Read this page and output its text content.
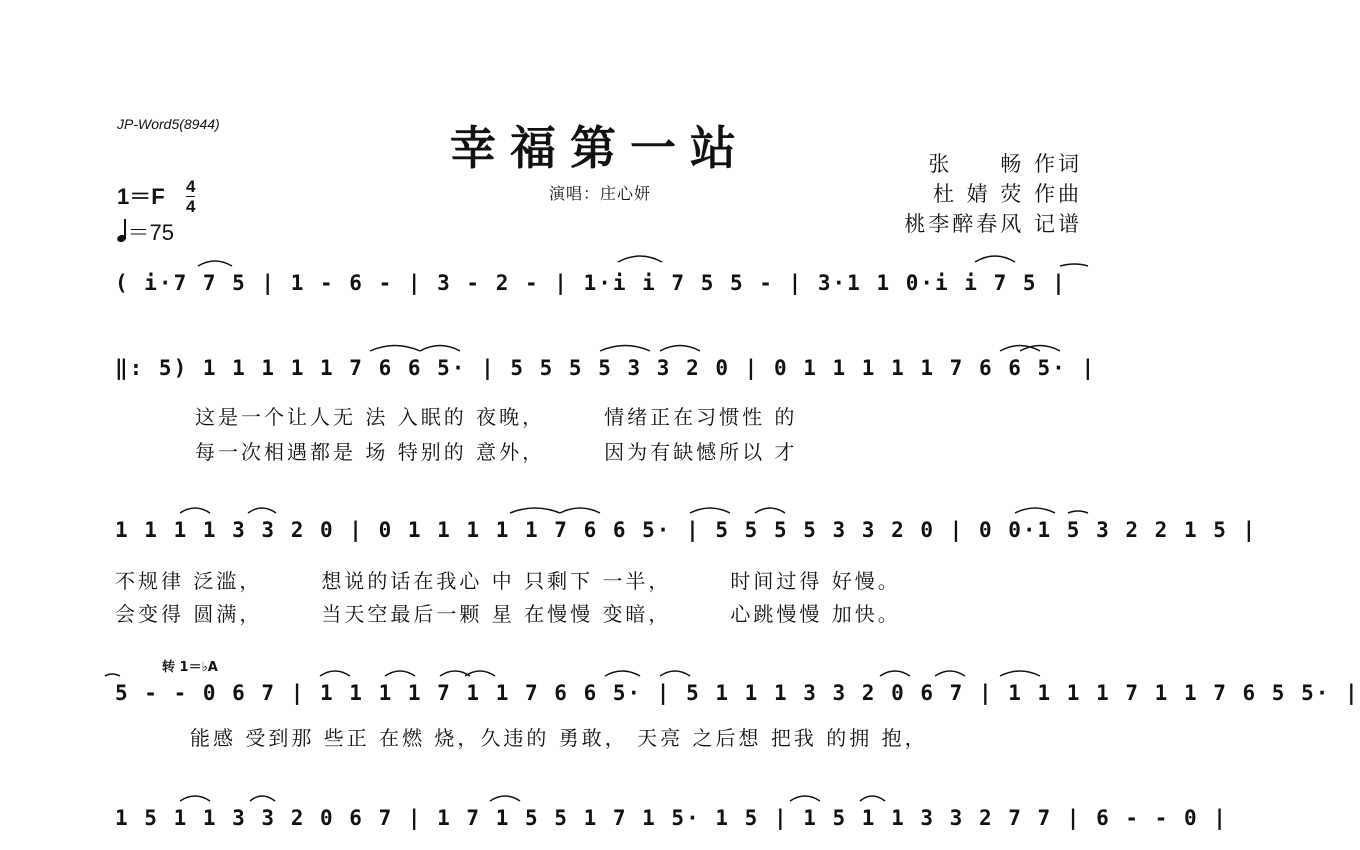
JP-Word5(8944)	幸福第一站
演唱：庄心妍
张　　畅 作词
杜 婧 荧 作曲
桃李醉春风 记谱
1＝F 4
4
＝75
( i·7 7 5 | 1 - 6 - | 3 - 2 - | 1·i i 7 5 5 - | 3·1 1 0·i i 7 5 |
‖: 5) 1 1 1 1 1 7 6 6 5· | 5 5 5 5 3 3 2 0 | 0 1 1 1 1 1 7 6 6 5· |
这是一个让人无 法 入眠的 夜晚，　　　情绪正在习惯性 的
每一次相遇都是 场 特别的 意外，　　　因为有缺憾所以 才
1 1 1 1 3 3 2 0 | 0 1 1 1 1 1 7 6 6 5· | 5 5 5 5 3 3 2 0 | 0 0·1 5 3 2 2 1 5 |
不规律 泛滥，　　　想说的话在我心 中 只剩下 一半，　　　时间过得 好慢。
会变得 圆满，　　　当天空最后一颗 星 在慢慢 变暗，　　　心跳慢慢 加快。
转 1＝♭A
5 - - 0 6 7 | 1 1 1 1 7 1 1 7 6 6 5· | 5 1 1 1 3 3 2 0 6 7 | 1 1 1 1 7 1 1 7 6 5 5· |
能感 受到那 些正 在燃 烧，久违的 勇敢， 天亮 之后想 把我 的拥 抱，
1 5 1 1 3 3 2 0 6 7 | 1 7 1 5 5 1 7 1 5· 1 5 | 1 5 1 1 3 3 2 7 7 | 6 - - 0 |
